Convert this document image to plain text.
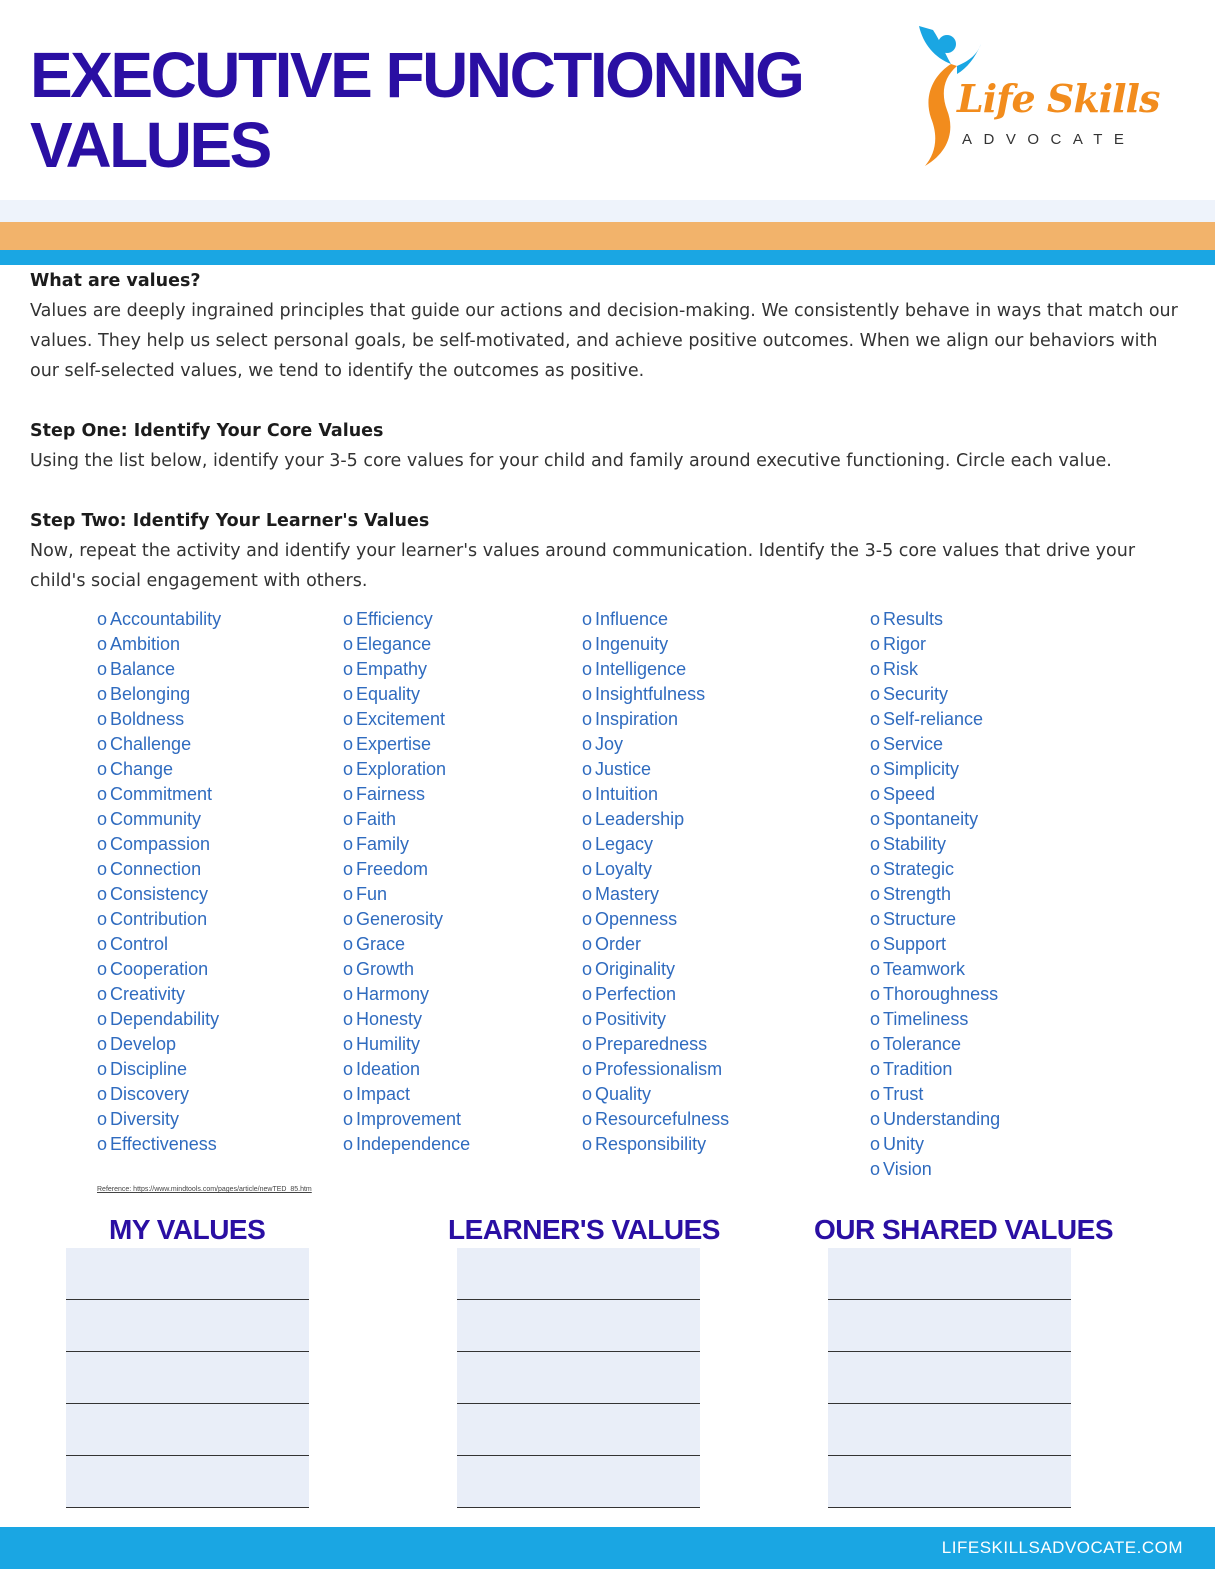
EXECUTIVE FUNCTIONING
VALUES
Life Skills
ADVOCATE

What are values?

Values are deeply ingrained principles that guide our actions and decision-making. We consistently behave in ways that match our values. They help us select personal goals, be self-motivated, and achieve positive outcomes. When we align our behaviors with our self-selected values, we tend to identify the outcomes as positive.

Step One: Identify Your Core Values

Using the list below, identify your 3-5 core values for your child and family around executive functioning. Circle each value.

Step Two: Identify Your Learner's Values

Now, repeat the activity and identify your learner's values around communication. Identify the 3-5 core values that drive your child's social engagement with others.

o Accountability
o Ambition
o Balance
o Belonging
o Boldness
o Challenge
o Change
o Commitment
o Community
o Compassion
o Connection
o Consistency
o Contribution
o Control
o Cooperation
o Creativity
o Dependability
o Develop
o Discipline
o Discovery
o Diversity
o Effectiveness
o Efficiency
o Elegance
o Empathy
o Equality
o Excitement
o Expertise
o Exploration
o Fairness
o Faith
o Family
o Freedom
o Fun
o Generosity
o Grace
o Growth
o Harmony
o Honesty
o Humility
o Ideation
o Impact
o Improvement
o Independence
o Influence
o Ingenuity
o Intelligence
o Insightfulness
o Inspiration
o Joy
o Justice
o Intuition
o Leadership
o Legacy
o Loyalty
o Mastery
o Openness
o Order
o Originality
o Perfection
o Positivity
o Preparedness
o Professionalism
o Quality
o Resourcefulness
o Responsibility
o Results
o Rigor
o Risk
o Security
o Self-reliance
o Service
o Simplicity
o Speed
o Spontaneity
o Stability
o Strategic
o Strength
o Structure
o Support
o Teamwork
o Thoroughness
o Timeliness
o Tolerance
o Tradition
o Trust
o Understanding
o Unity
o Vision
Reference: https://www.mindtools.com/pages/article/newTED_85.htm
MY VALUES	LEARNER'S VALUES	OUR SHARED VALUES
LIFESKILLSADVOCATE.COM
